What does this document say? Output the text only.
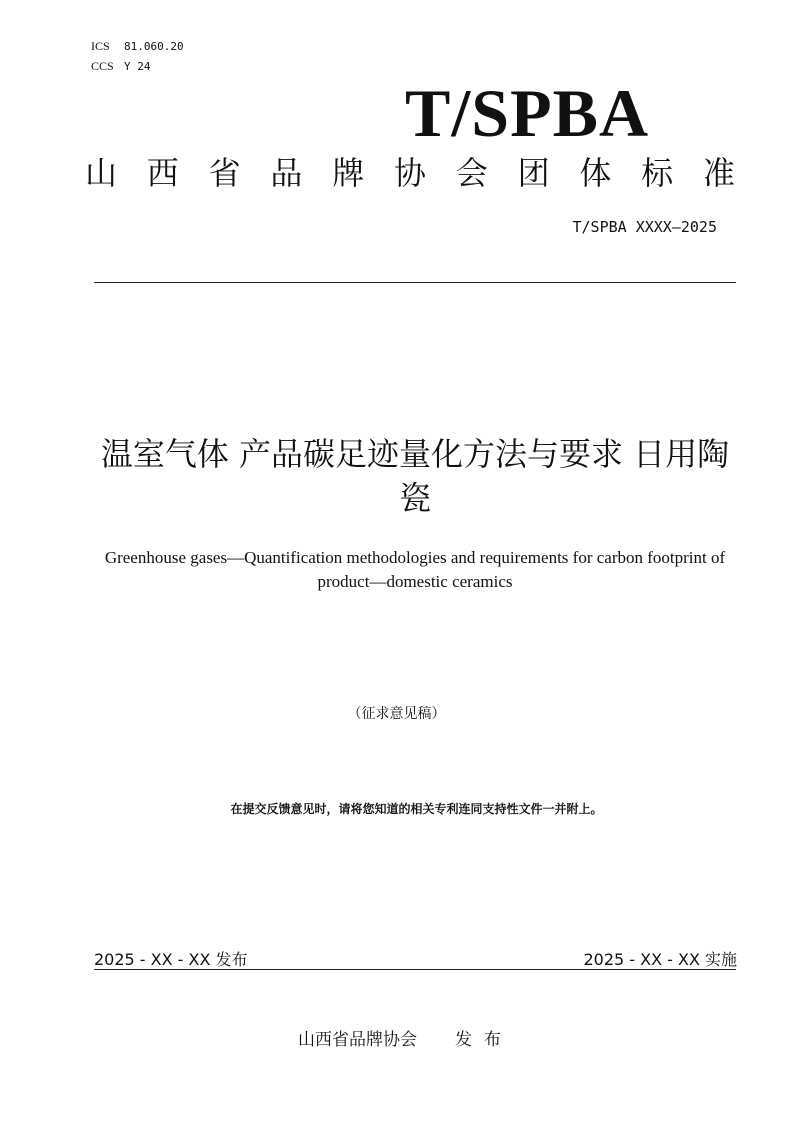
ICS 81.060.20
CCS Y 24
T/SPBA
山 西 省 品 牌 协 会 团 体 标 准
T/SPBA XXXX—2025
温室气体 产品碳足迹量化方法与要求 日用陶瓷
Greenhouse gases—Quantification methodologies and requirements for carbon footprint of product—domestic ceramics
（征求意见稿）
在提交反馈意见时，请将您知道的相关专利连同支持性文件一并附上。
2025 - XX - XX 发布	2025 - XX - XX 实施
山西省品牌协会 发布
